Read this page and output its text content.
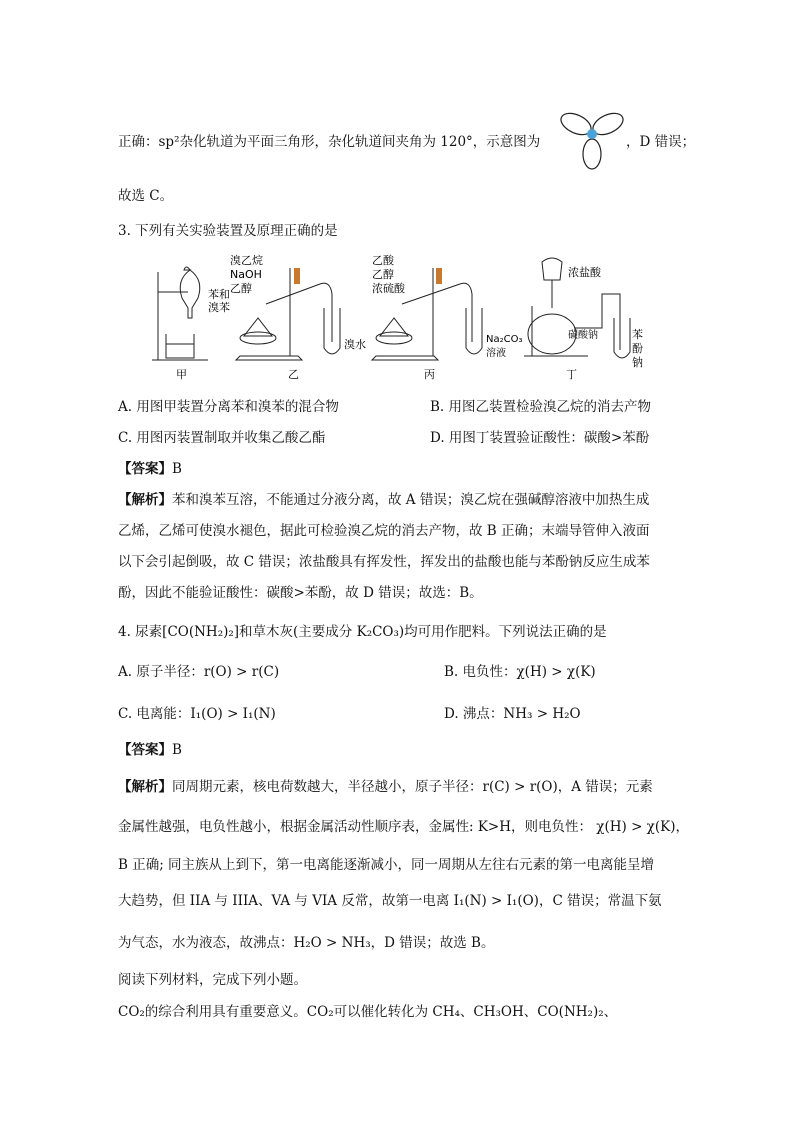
正确：sp²杂化轨道为平面三角形，杂化轨道间夹角为 120°，示意图为	，D 错误；
故选 C。
3. 下列有关实验装置及原理正确的是
苯和
溴苯
甲
溴乙烷
NaOH
乙醇
溴水
乙
乙酸
乙醇
浓硫酸
Na₂CO₃
溶液
丙
浓盐酸
碳酸钠	苯
酚
钠
丁
A. 用图甲装置分离苯和溴苯的混合物	B. 用图乙装置检验溴乙烷的消去产物
C. 用图丙装置制取并收集乙酸乙酯	D. 用图丁装置验证酸性：碳酸>苯酚
【答案】B
【解析】苯和溴苯互溶，不能通过分液分离，故 A 错误；溴乙烷在强碱醇溶液中加热生成
乙烯，乙烯可使溴水褪色，据此可检验溴乙烷的消去产物，故 B 正确；末端导管伸入液面
以下会引起倒吸，故 C 错误；浓盐酸具有挥发性，挥发出的盐酸也能与苯酚钠反应生成苯
酚，因此不能验证酸性：碳酸>苯酚，故 D 错误；故选：B。
4. 尿素[CO(NH₂)₂]和草木灰(主要成分 K₂CO₃)均可用作肥料。下列说法正确的是
A. 原子半径：r(O) > r(C)	B. 电负性：χ(H) > χ(K)
C. 电离能：I₁(O) > I₁(N)	D. 沸点：NH₃ > H₂O
【答案】B
【解析】同周期元素，核电荷数越大，半径越小，原子半径：r(C) > r(O)，A 错误；元素
金属性越强，电负性越小，根据金属活动性顺序表，金属性: K>H，则电负性： χ(H) > χ(K)，
B 正确; 同主族从上到下，第一电离能逐渐减小，同一周期从左往右元素的第一电离能呈增
大趋势，但 IIA 与 IIIA、VA 与 VIA 反常，故第一电离 I₁(N) > I₁(O)，C 错误；常温下氨
为气态，水为液态，故沸点：H₂O > NH₃，D 错误；故选 B。
阅读下列材料，完成下列小题。
CO₂的综合利用具有重要意义。CO₂可以催化转化为 CH₄、CH₃OH、CO(NH₂)₂、
